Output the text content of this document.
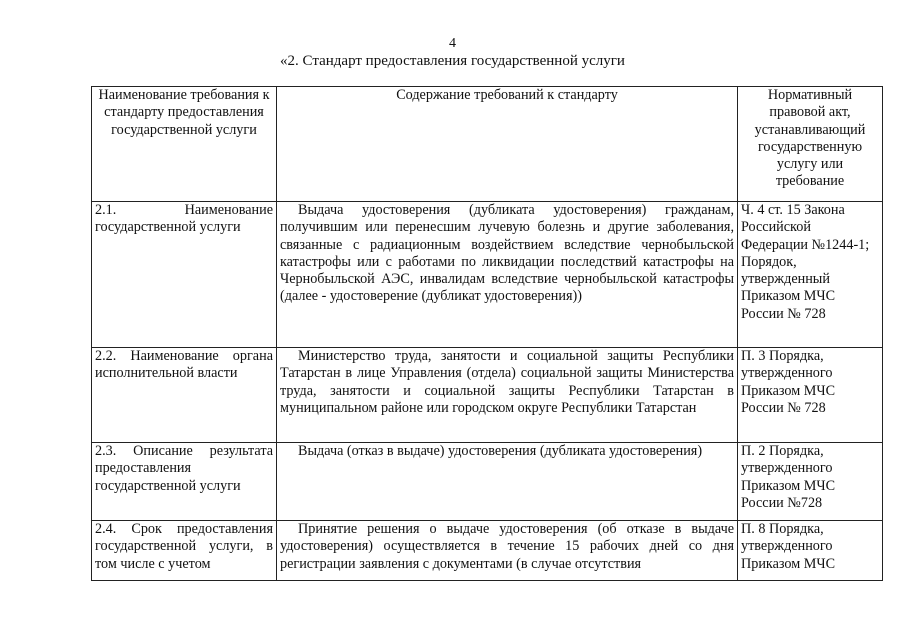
4
«2. Стандарт предоставления государственной услуги
Наименование требования к стандарту предоставления государственной услуги	Содержание требований к стандарту	Нормативный правовой акт, устанавливающий государственную услугу или требование
2.1. Наименование государственной услуги	Выдача удостоверения (дубликата удостоверения) гражданам, получившим или перенесшим лучевую болезнь и другие заболевания, связанные с радиационным воздействием вследствие чернобыльской катастрофы или с работами по ликвидации последствий катастрофы на Чернобыльской АЭС, инвалидам вследствие чернобыльской катастрофы (далее - удостоверение (дубликат удостоверения))	Ч. 4 ст. 15 Закона Российской Федерации №1244-1; Порядок, утвержденный Приказом МЧС России № 728
2.2. Наименование органа исполнительной власти	Министерство труда, занятости и социальной защиты Республики Татарстан в лице Управления (отдела) социальной защиты Министерства труда, занятости и социальной защиты Республики Татарстан в муниципальном районе или городском округе Республики Татарстан	П. 3 Порядка, утвержденного Приказом МЧС России № 728
2.3. Описание результата предоставления государственной услуги	Выдача (отказ в выдаче) удостоверения (дубликата удостоверения)	П. 2 Порядка, утвержденного Приказом МЧС России №728

2.4. Срок предоставления государственной услуги, в том числе с учетом	Принятие решения о выдаче удостоверения (об отказе в выдаче удостоверения) осуществляется в течение 15 рабочих дней со дня регистрации заявления с документами (в случае отсутствия	П. 8 Порядка, утвержденного Приказом МЧС
